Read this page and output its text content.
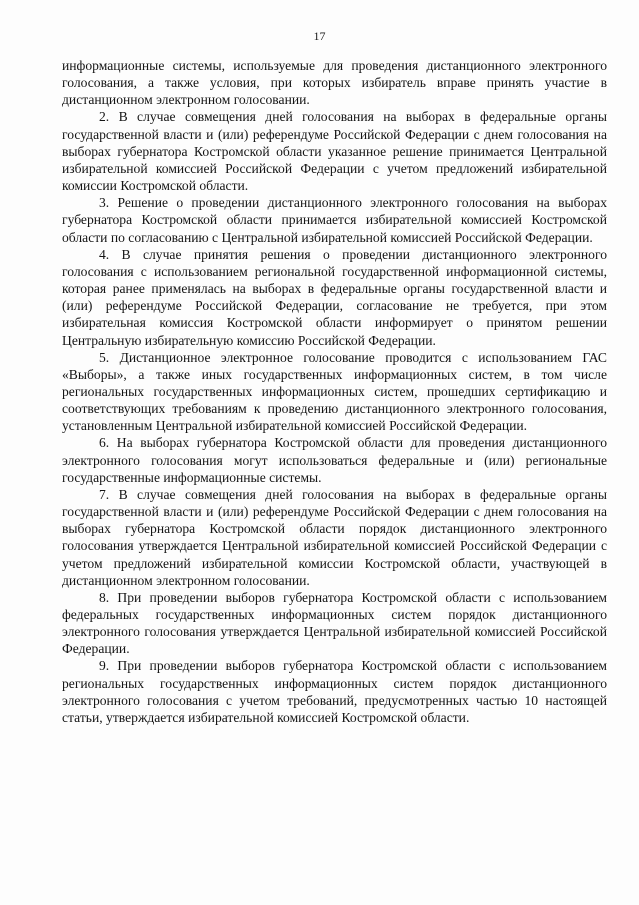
17

информационные системы, используемые для проведения дистанционного электронного голосования, а также условия, при которых избиратель вправе принять участие в дистанционном электронном голосовании.

2. В случае совмещения дней голосования на выборах в федеральные органы государственной власти и (или) референдуме Российской Федерации с днем голосования на выборах губернатора Костромской области указанное решение принимается Центральной избирательной комиссией Российской Федерации с учетом предложений избирательной комиссии Костромской области.

3. Решение о проведении дистанционного электронного голосования на выборах губернатора Костромской области принимается избирательной комиссией Костромской области по согласованию с Центральной избирательной комиссией Российской Федерации.

4. В случае принятия решения о проведении дистанционного электронного голосования с использованием региональной государственной информационной системы, которая ранее применялась на выборах в федеральные органы государственной власти и (или) референдуме Российской Федерации, согласование не требуется, при этом избирательная комиссия Костромской области информирует о принятом решении Центральную избирательную комиссию Российской Федерации.

5. Дистанционное электронное голосование проводится с использованием ГАС «Выборы», а также иных государственных информационных систем, в том числе региональных государственных информационных систем, прошедших сертификацию и соответствующих требованиям к проведению дистанционного электронного голосования, установленным Центральной избирательной комиссией Российской Федерации.

6. На выборах губернатора Костромской области для проведения дистанционного электронного голосования могут использоваться федеральные и (или) региональные государственные информационные системы.

7. В случае совмещения дней голосования на выборах в федеральные органы государственной власти и (или) референдуме Российской Федерации с днем голосования на выборах губернатора Костромской области порядок дистанционного электронного голосования утверждается Центральной избирательной комиссией Российской Федерации с учетом предложений избирательной комиссии Костромской области, участвующей в дистанционном электронном голосовании.

8. При проведении выборов губернатора Костромской области с использованием федеральных государственных информационных систем порядок дистанционного электронного голосования утверждается Центральной избирательной комиссией Российской Федерации.

9. При проведении выборов губернатора Костромской области с использованием региональных государственных информационных систем порядок дистанционного электронного голосования с учетом требований, предусмотренных частью 10 настоящей статьи, утверждается избирательной комиссией Костромской области.
